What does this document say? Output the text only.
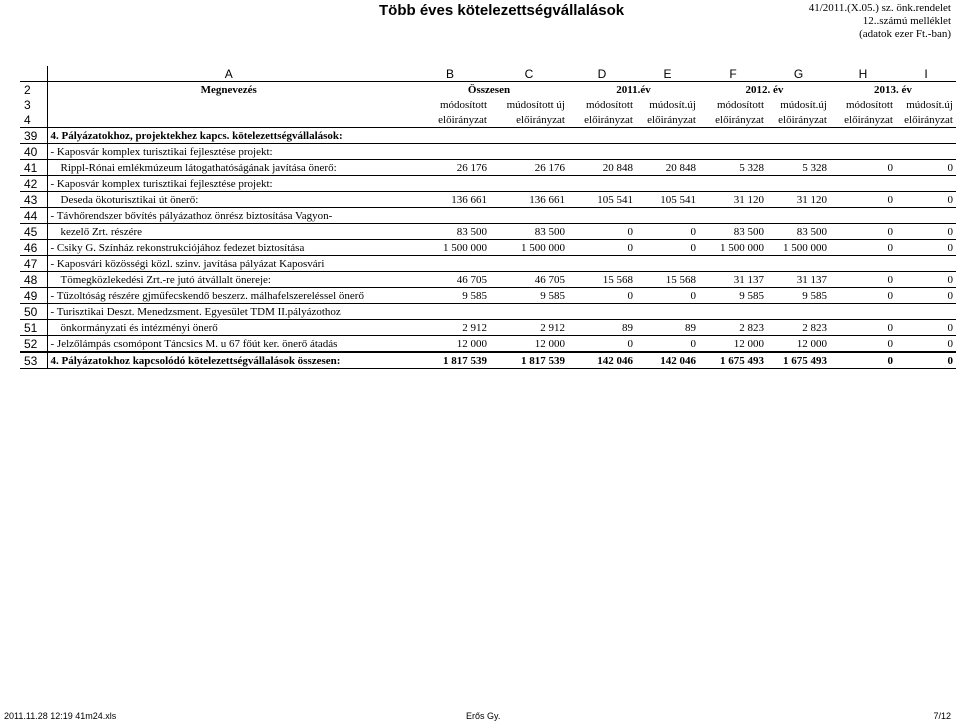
Több éves kötelezettségvállalások	41/2011.(X.05.) sz. önk.rendelet
12..számú melléklet
(adatok ezer Ft.-ban)
	A	B	C	D	E	F	G	H	I
2	Megnevezés	Összesen		2011.év		2012. év		2013. év	
3		módosított	múdosított új	módosított	múdosít.új	módosított	múdosít.új	módosított	múdosít.új
4		előirányzat	előirányzat	előirányzat	előirányzat	előirányzat	előirányzat	előirányzat	előirányzat
39	4. Pályázatokhoz, projektekhez kapcs. kötelezettségvállalások:								
40	- Kaposvár komplex turisztikai fejlesztése projekt:								
41	Rippl-Rónai emlékmúzeum látogathatóságának javítása önerő:	26 176	26 176	20 848	20 848	5 328	5 328	0	0
42	- Kaposvár komplex turisztikai fejlesztése projekt:								
43	Deseda ökoturisztikai út önerő:	136 661	136 661	105 541	105 541	31 120	31 120	0	0
44	- Távhőrendszer bővítés pályázathoz önrész biztosítása Vagyon-								
45	kezelő Zrt. részére	83 500	83 500	0	0	83 500	83 500	0	0
46	- Csiky G. Színház rekonstrukciójához fedezet biztosítása	1 500 000	1 500 000	0	0	1 500 000	1 500 000	0	0
47	- Kaposvári közösségi közl. szinv. javítása pályázat Kaposvári								
48	Tömegközlekedési Zrt.-re jutó átvállalt önereje:	46 705	46 705	15 568	15 568	31 137	31 137	0	0
49	- Tűzoltóság részére gjműfecskendő beszerz. málhafelszereléssel önerő	9 585	9 585	0	0	9 585	9 585	0	0
50	- Turisztikai Deszt. Menedzsment. Egyesület TDM II.pályázothoz								
51	önkormányzati és intézményi önerő	2 912	2 912	89	89	2 823	2 823	0	0
52	- Jelzőlámpás csomópont Táncsics M. u 67 főút ker. önerő átadás	12 000	12 000	0	0	12 000	12 000	0	0
53	4. Pályázatokhoz kapcsolódó kötelezettségvállalások összesen:	1 817 539	1 817 539	142 046	142 046	1 675 493	1 675 493	0	0
2011.11.28 12:19 41m24.xls	Erős Gy.	7/12
